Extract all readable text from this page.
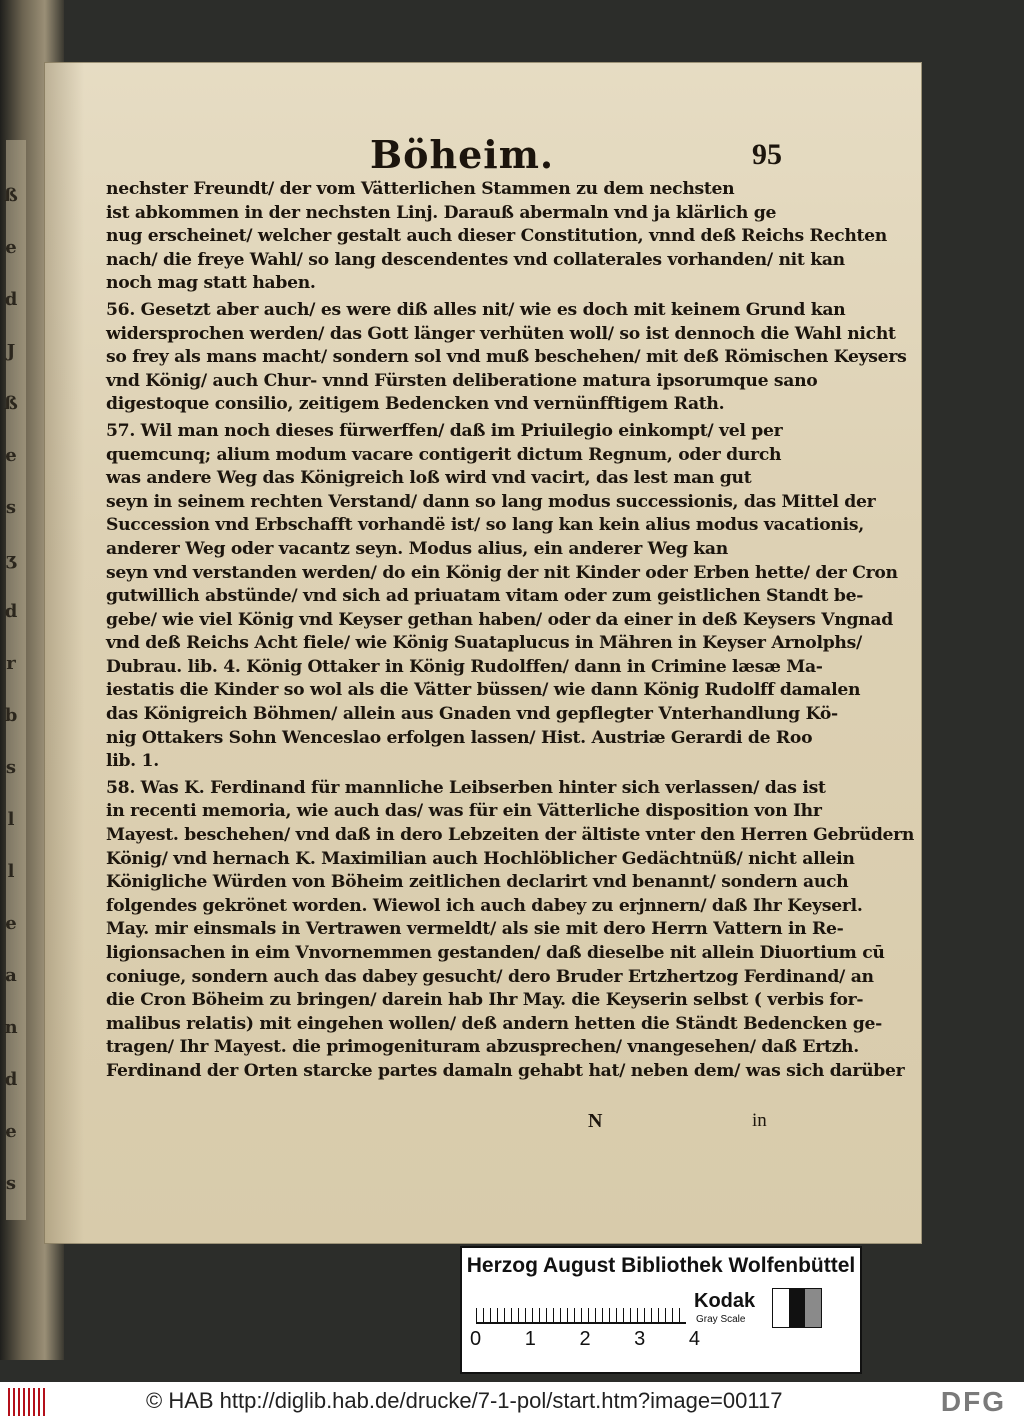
ß
e
d
J
ß
e
s
ʒ
d
r
b
s
l
l
e
a
n
d
e
s
Böheim.	95
nechster Freundt/ der vom Vätterlichen Stammen zu dem nechsten
ist abkommen in der nechsten Linj. Darauß abermaln vnd ja klärlich ge
nug erscheinet/ welcher gestalt auch dieser Constitution, vnnd deß Reichs Rechten
nach/ die freye Wahl/ so lang descendentes vnd collaterales vorhanden/ nit kan
noch mag statt haben.
56. Gesetzt aber auch/ es were diß alles nit/ wie es doch mit keinem Grund kan
widersprochen werden/ das Gott länger verhüten woll/ so ist dennoch die Wahl nicht
so frey als mans macht/ sondern sol vnd muß beschehen/ mit deß Römischen Keysers
vnd König/ auch Chur- vnnd Fürsten deliberatione matura ipsorumque sano
digestoque consilio, zeitigem Bedencken vnd vernünfftigem Rath.
57. Wil man noch dieses fürwerffen/ daß im Priuilegio einkompt/ vel per
quemcunq; alium modum vacare contigerit dictum Regnum, oder durch
was andere Weg das Königreich loß wird vnd vacirt, das lest man gut
seyn in seinem rechten Verstand/ dann so lang modus successionis, das Mittel der
Succession vnd Erbschafft vorhandë ist/ so lang kan kein alius modus vacationis,
anderer Weg oder vacantz seyn. Modus alius, ein anderer Weg kan
seyn vnd verstanden werden/ do ein König der nit Kinder oder Erben hette/ der Cron
gutwillich abstünde/ vnd sich ad priuatam vitam oder zum geistlichen Standt be-
gebe/ wie viel König vnd Keyser gethan haben/ oder da einer in deß Keysers Vngnad
vnd deß Reichs Acht fiele/ wie König Suataplucus in Mähren in Keyser Arnolphs/
Dubrau. lib. 4. König Ottaker in König Rudolffen/ dann in Crimine læsæ Ma-
iestatis die Kinder so wol als die Vätter büssen/ wie dann König Rudolff damalen
das Königreich Böhmen/ allein aus Gnaden vnd gepflegter Vnterhandlung Kö-
nig Ottakers Sohn Wenceslao erfolgen lassen/ Hist. Austriæ Gerardi de Roo
lib. 1.
58. Was K. Ferdinand für mannliche Leibserben hinter sich verlassen/ das ist
in recenti memoria, wie auch das/ was für ein Vätterliche disposition von Ihr
Mayest. beschehen/ vnd daß in dero Lebzeiten der ältiste vnter den Herren Gebrüdern
König/ vnd hernach K. Maximilian auch Hochlöblicher Gedächtnüß/ nicht allein
Königliche Würden von Böheim zeitlichen declarirt vnd benannt/ sondern auch
folgendes gekrönet worden. Wiewol ich auch dabey zu erjnnern/ daß Ihr Keyserl.
May. mir einsmals in Vertrawen vermeldt/ als sie mit dero Herrn Vattern in Re-
ligionsachen in eim Vnvornemmen gestanden/ daß dieselbe nit allein Diuortium cū
coniuge, sondern auch das dabey gesucht/ dero Bruder Ertzhertzog Ferdinand/ an
die Cron Böheim zu bringen/ darein hab Ihr May. die Keyserin selbst ( verbis for-
malibus relatis) mit eingehen wollen/ deß andern hetten die Ständt Bedencken ge-
tragen/ Ihr Mayest. die primogenituram abzusprechen/ vnangesehen/ daß Ertzh.
Ferdinand der Orten starcke partes damaln gehabt hat/ neben dem/ was sich darüber
N	in
Herzog August Bibliothek Wolfenbüttel
0 1 2 3 4
Kodak
Gray Scale
© HAB http://diglib.hab.de/drucke/7-1-pol/start.htm?image=00117	DFG
